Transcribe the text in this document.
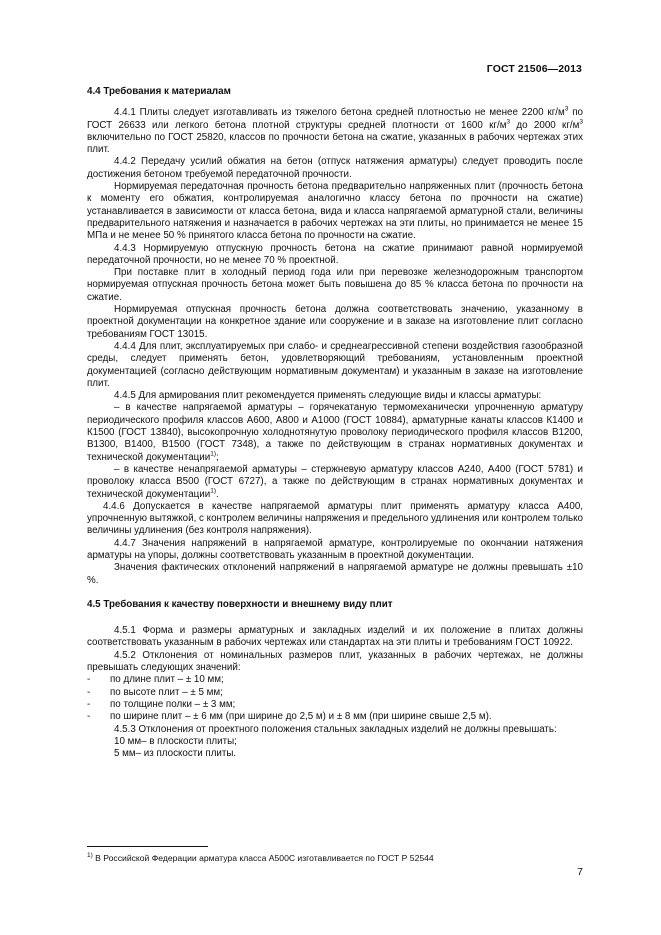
ГОСТ 21506—2013

4.4 Требования к материалам

4.4.1 Плиты следует изготавливать из тяжелого бетона средней плотностью не менее 2200 $кг/м^3$ по ГОСТ 26633 или легкого бетона плотной структуры средней плотности от 1600 $кг/м^3$ до 2000 $кг/м^3$ включительно по ГОСТ 25820, классов по прочности бетона на сжатие, указанных в рабочих чертежах этих плит.

4.4.2 Передачу усилий обжатия на бетон (отпуск натяжения арматуры) следует проводить после достижения бетоном требуемой передаточной прочности.

Нормируемая передаточная прочность бетона предварительно напряженных плит (прочность бетона к моменту его обжатия, контролируемая аналогично классу бетона по прочности на сжатие) устанавливается в зависимости от класса бетона, вида и класса напрягаемой арматурной стали, величины предварительного натяжения и назначается в рабочих чертежах на эти плиты, но принимается не менее 15 МПа и не менее 50 % принятого класса бетона по прочности на сжатие.

4.4.3 Нормируемую отпускную прочность бетона на сжатие принимают равной нормируемой передаточной прочности, но не менее 70 % проектной.

При поставке плит в холодный период года или при перевозке железнодорожным транспортом нормируемая отпускная прочность бетона может быть повышена до 85 % класса бетона по прочности на сжатие.

Нормируемая отпускная прочность бетона должна соответствовать значению, указанному в проектной документации на конкретное здание или сооружение и в заказе на изготовление плит согласно требованиям ГОСТ 13015.

4.4.4 Для плит, эксплуатируемых при слабо- и среднеагрессивной степени воздействия газообразной среды, следует применять бетон, удовлетворяющий требованиям, установленным проектной документацией (согласно действующим нормативным документам) и указанным в заказе на изготовление плит.

4.4.5 Для армирования плит рекомендуется применять следующие виды и классы арматуры:

– в качестве напрягаемой арматуры – горячекатаную термомеханически упрочненную арматуру периодического профиля классов А600, А800 и А1000 (ГОСТ 10884), арматурные канаты классов К1400 и К1500 (ГОСТ 13840), высокопрочную холоднотянутую проволоку периодического профиля классов В1200, В1300, В1400, В1500 (ГОСТ 7348), а также по действующим в странах нормативных документах и технической документации$^{1)}$;

– в качестве ненапрягаемой арматуры – стержневую арматуру классов А240, А400 (ГОСТ 5781) и проволоку класса В500 (ГОСТ 6727), а также по действующим в странах нормативных документах и технической документации$^{1)}$.

4.4.6 Допускается в качестве напрягаемой арматуры плит применять арматуру класса А400, упрочненную вытяжкой, с контролем величины напряжения и предельного удлинения или контролем только величины удлинения (без контроля напряжения).

4.4.7 Значения напряжений в напрягаемой арматуре, контролируемые по окончании натяжения арматуры на упоры, должны соответствовать указанным в проектной документации.

Значения фактических отклонений напряжений в напрягаемой арматуре не должны превышать ±10 %.

4.5 Требования к качеству поверхности и внешнему виду плит

4.5.1 Форма и размеры арматурных и закладных изделий и их положение в плитах должны соответствовать указанным в рабочих чертежах или стандартах на эти плиты и требованиям ГОСТ 10922.

4.5.2 Отклонения от номинальных размеров плит, указанных в рабочих чертежах, не должны превышать следующих значений:

- по длине плит – ± 10 мм;
- по высоте плит – ± 5 мм;
- по толщине полки – ± 3 мм;
- по ширине плит – ± 6 мм (при ширине до 2,5 м) и ± 8 мм (при ширине свыше 2,5 м).

4.5.3 Отклонения от проектного положения стальных закладных изделий не должны превышать:

10 мм– в плоскости плиты;

5 мм– из плоскости плиты.

$^{1)}$ В Российской Федерации арматура класса А500С изготавливается по ГОСТ Р 52544
7
